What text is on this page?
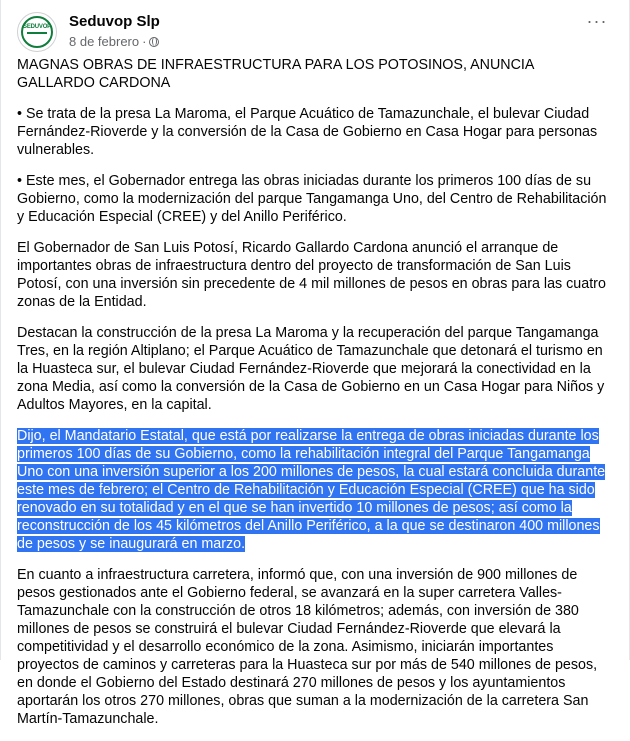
SEDUVOP	Seduvop Slp
8 de febrero ·
···

MAGNAS OBRAS DE INFRAESTRUCTURA PARA LOS POTOSINOS, ANUNCIA GALLARDO CARDONA

• Se trata de la presa La Maroma, el Parque Acuático de Tamazunchale, el bulevar Ciudad Fernández-Rioverde y la conversión de la Casa de Gobierno en Casa Hogar para personas vulnerables.

• Este mes, el Gobernador entrega las obras iniciadas durante los primeros 100 días de su Gobierno, como la modernización del parque Tangamanga Uno, del Centro de Rehabilitación y Educación Especial (CREE) y del Anillo Periférico.

El Gobernador de San Luis Potosí, Ricardo Gallardo Cardona anunció el arranque de importantes obras de infraestructura dentro del proyecto de transformación de San Luis Potosí, con una inversión sin precedente de 4 mil millones de pesos en obras para las cuatro zonas de la Entidad.

Destacan la construcción de la presa La Maroma y la recuperación del parque Tangamanga Tres, en la región Altiplano; el Parque Acuático de Tamazunchale que detonará el turismo en la Huasteca sur, el bulevar Ciudad Fernández-Rioverde que mejorará la conectividad en la zona Media, así como la conversión de la Casa de Gobierno en un Casa Hogar para Niños y Adultos Mayores, en la capital.

Dijo, el Mandatario Estatal, que está por realizarse la entrega de obras iniciadas durante los primeros 100 días de su Gobierno, como la rehabilitación integral del Parque Tangamanga Uno con una inversión superior a los 200 millones de pesos, la cual estará concluida durante este mes de febrero; el Centro de Rehabilitación y Educación Especial (CREE) que ha sido renovado en su totalidad y en el que se han invertido 10 millones de pesos; así como la reconstrucción de los 45 kilómetros del Anillo Periférico, a la que se destinaron 400 millones de pesos y se inaugurará en marzo.

En cuanto a infraestructura carretera, informó que, con una inversión de 900 millones de pesos gestionados ante el Gobierno federal, se avanzará en la super carretera Valles-Tamazunchale con la construcción de otros 18 kilómetros; además, con inversión de 380 millones de pesos se construirá el bulevar Ciudad Fernández-Rioverde que elevará la competitividad y el desarrollo económico de la zona. Asimismo, iniciarán importantes proyectos de caminos y carreteras para la Huasteca sur por más de 540 millones de pesos, en donde el Gobierno del Estado destinará 270 millones de pesos y los ayuntamientos aportarán los otros 270 millones, obras que suman a la modernización de la carretera San Martín-Tamazunchale.
